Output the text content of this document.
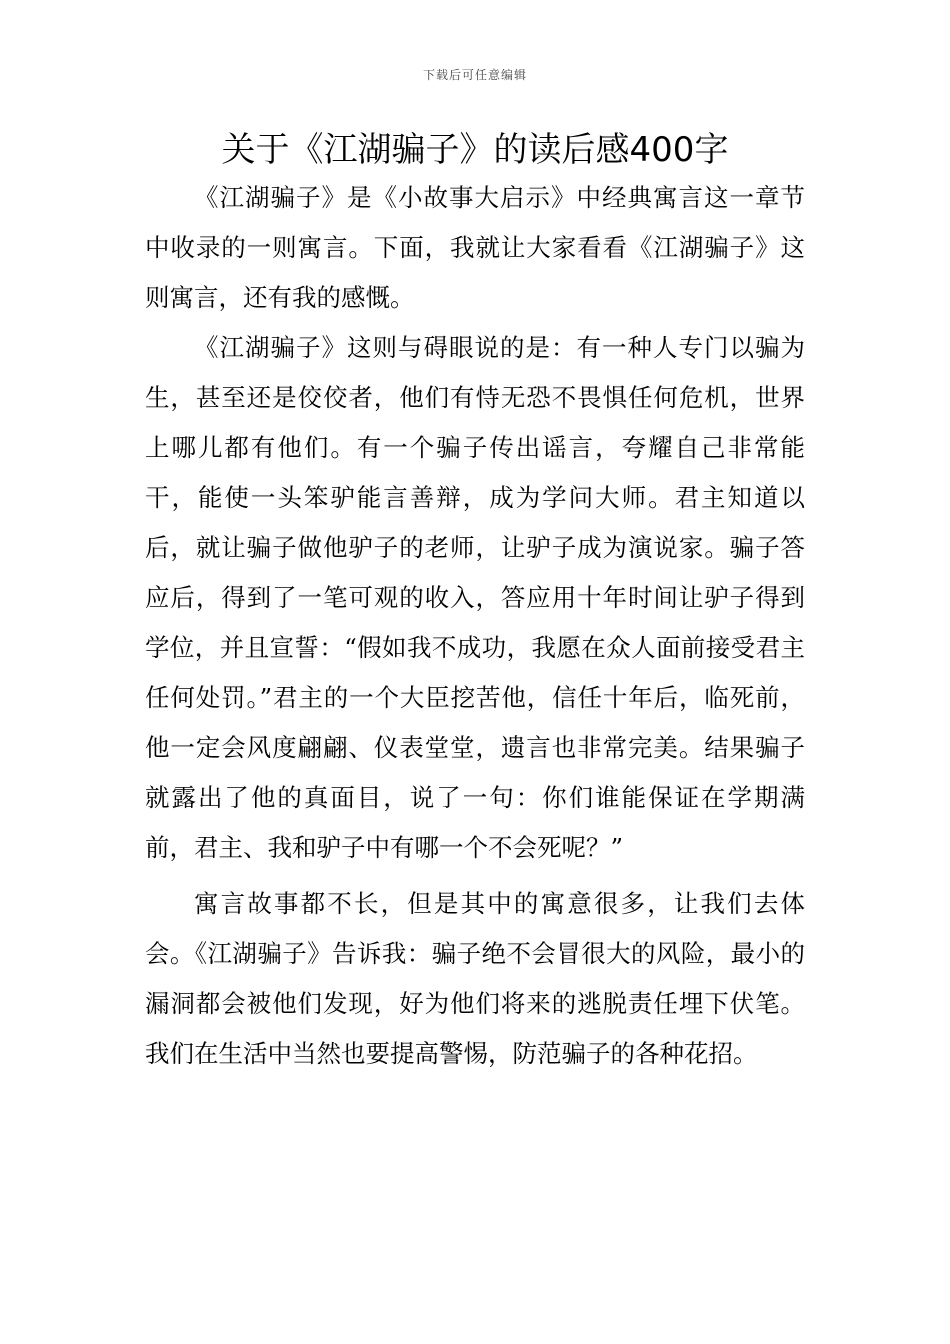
下载后可任意编辑
关于《江湖骗子》的读后感400字

《江湖骗子》是《小故事大启示》中经典寓言这一章节中收录的一则寓言。下面，我就让大家看看《江湖骗子》这则寓言，还有我的感慨。

《江湖骗子》这则与碍眼说的是：有一种人专门以骗为生，甚至还是佼佼者，他们有恃无恐不畏惧任何危机，世界上哪儿都有他们。有一个骗子传出谣言，夸耀自己非常能干，能使一头笨驴能言善辩，成为学问大师。君主知道以后，就让骗子做他驴子的老师，让驴子成为演说家。骗子答应后，得到了一笔可观的收入，答应用十年时间让驴子得到学位，并且宣誓：“假如我不成功，我愿在众人面前接受君主任何处罚。”君主的一个大臣挖苦他，信任十年后，临死前，他一定会风度翩翩、仪表堂堂，遗言也非常完美。结果骗子就露出了他的真面目，说了一句：你们谁能保证在学期满前，君主、我和驴子中有哪一个不会死呢？”

寓言故事都不长，但是其中的寓意很多，让我们去体会。《江湖骗子》告诉我：骗子绝不会冒很大的风险，最小的漏洞都会被他们发现，好为他们将来的逃脱责任埋下伏笔。我们在生活中当然也要提高警惕，防范骗子的各种花招。
